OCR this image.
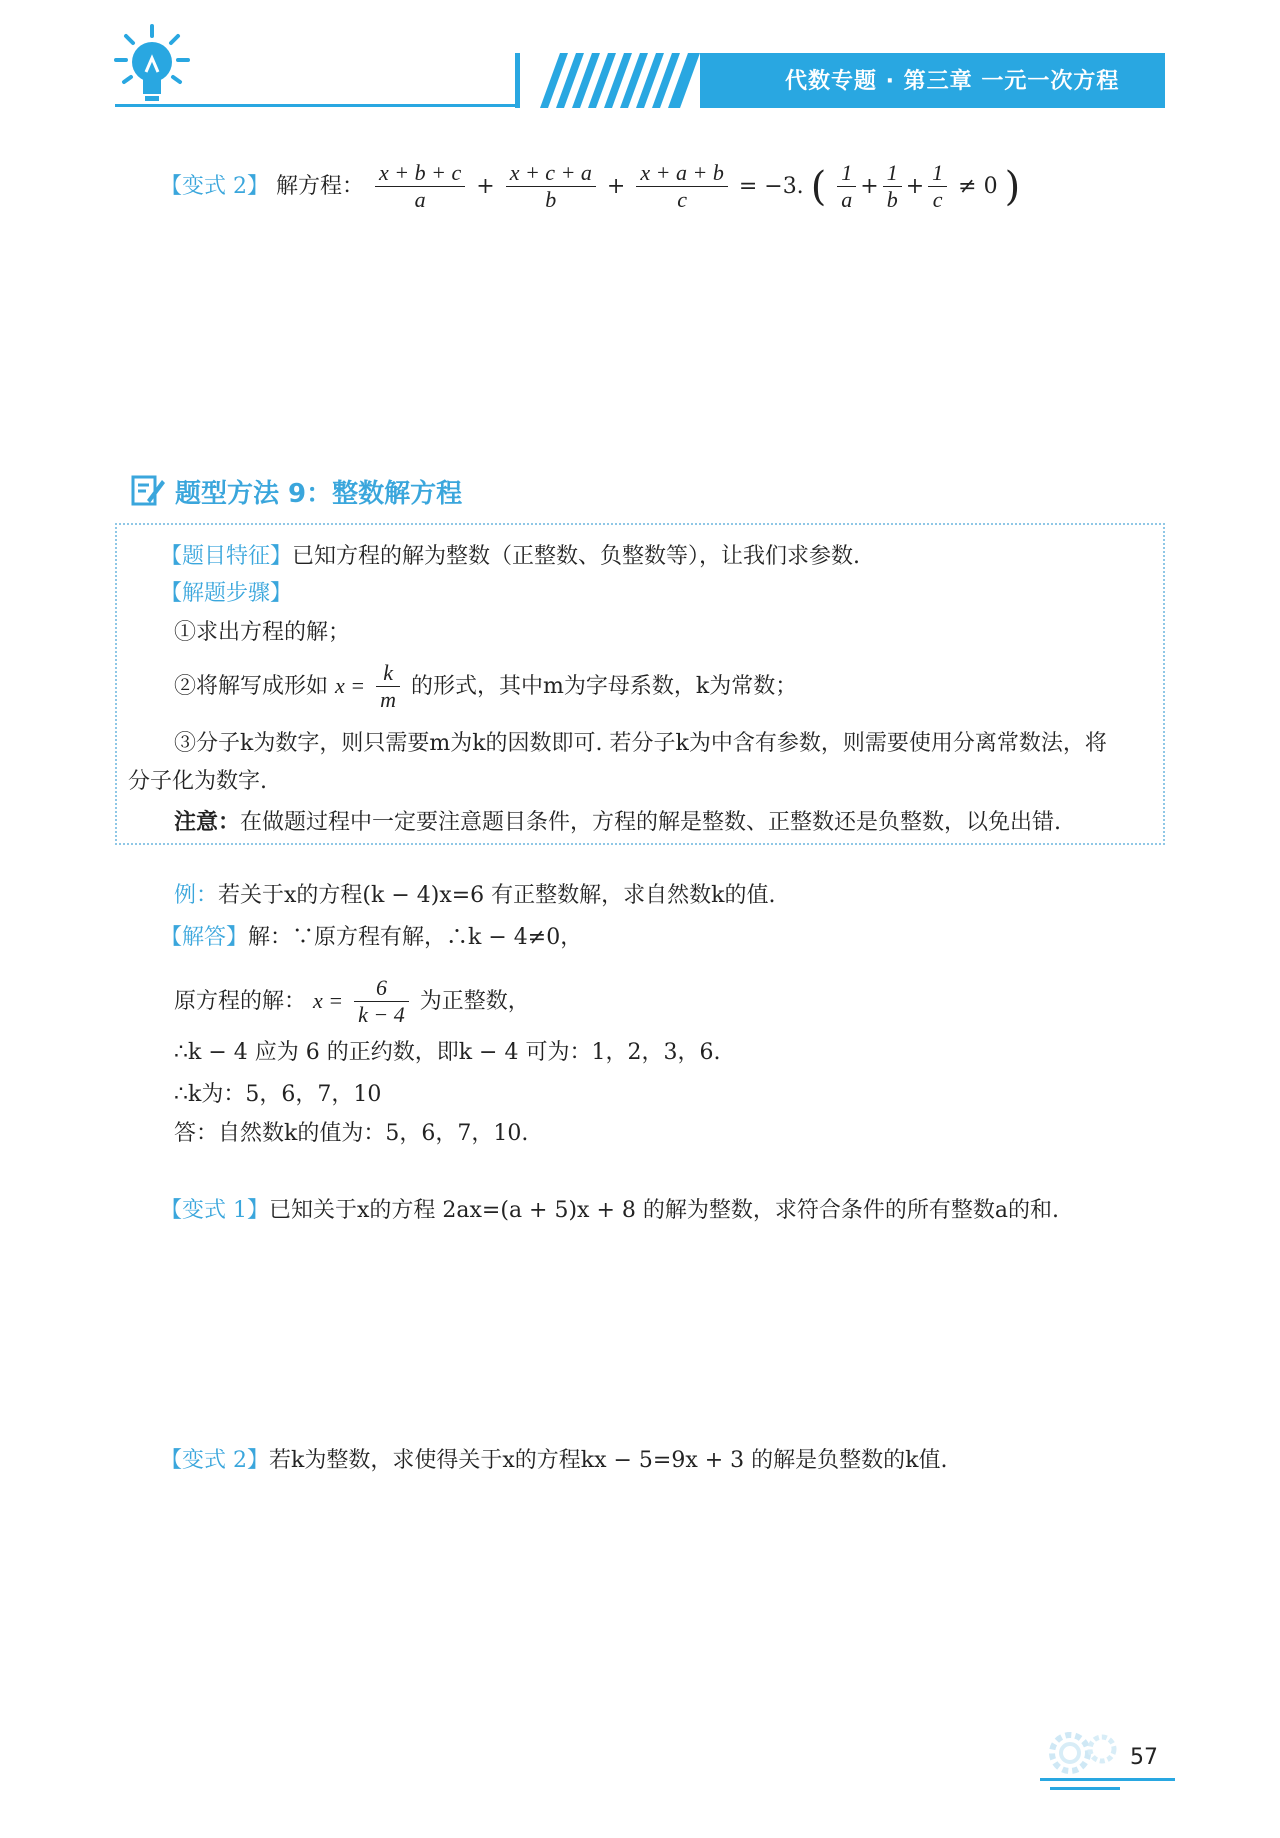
代数专题 · 第三章 一元一次方程
【变式 2】 解方程： $\frac{x + b + c}{a} + \frac{x + c + a}{b} + \frac{x + a + b}{c} = -3$. ( $\frac{1}{a} + \frac{1}{b} + \frac{1}{c} \ne 0$ )
题型方法 9：整数解方程
【题目特征】已知方程的解为整数（正整数、负整数等），让我们求参数.
【解题步骤】
①求出方程的解；
②将解写成形如 $x = \frac{k}{m}$ 的形式，其中m为字母系数，k为常数；
③分子k为数字，则只需要m为k的因数即可. 若分子k为中含有参数，则需要使用分离常数法，将
分子化为数字.
注意：在做题过程中一定要注意题目条件，方程的解是整数、正整数还是负整数，以免出错.
例：若关于x的方程(k − 4)x=6 有正整数解，求自然数k的值.
【解答】解：∵原方程有解，∴k − 4≠0，
原方程的解： $x = \frac{6}{k - 4}$ 为正整数，
∴k − 4 应为 6 的正约数，即k − 4 可为：1，2，3，6.
∴k为：5，6，7，10
答：自然数k的值为：5，6，7，10.
【变式 1】已知关于x的方程 2ax=(a + 5)x + 8 的解为整数，求符合条件的所有整数a的和.
【变式 2】若k为整数，求使得关于x的方程kx − 5=9x + 3 的解是负整数的k值.
57
